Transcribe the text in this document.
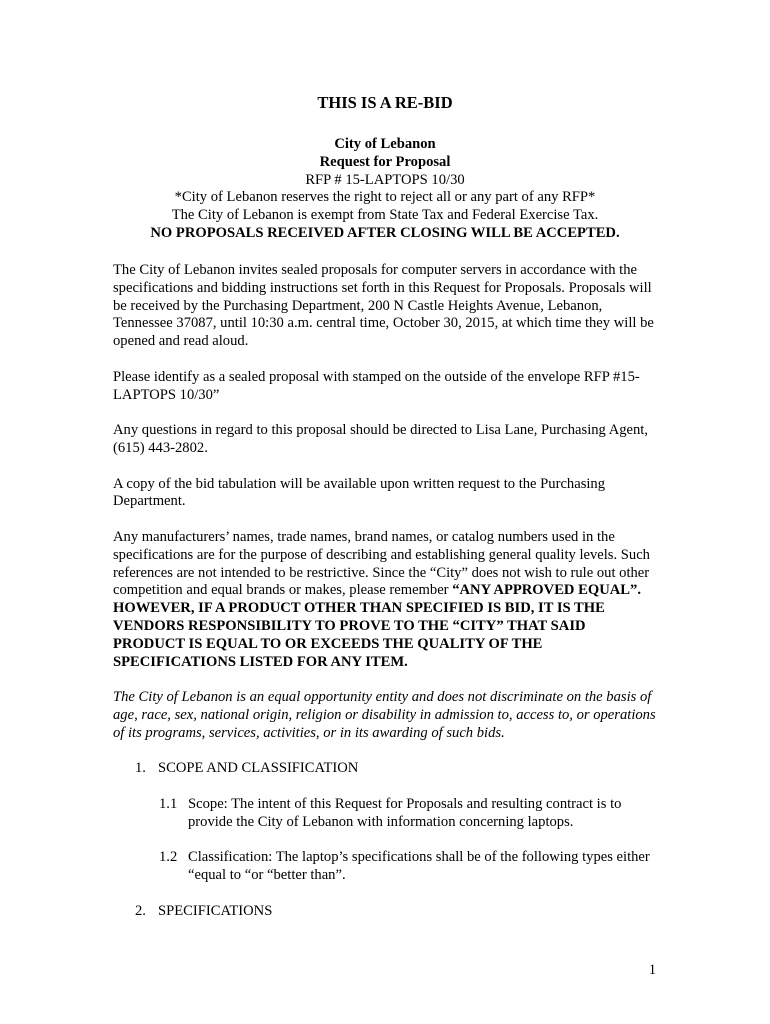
THIS IS A RE-BID
City of Lebanon
Request for Proposal
RFP # 15-LAPTOPS 10/30
*City of Lebanon reserves the right to reject all or any part of any RFP*
The City of Lebanon is exempt from State Tax and Federal Exercise Tax.
NO PROPOSALS RECEIVED AFTER CLOSING WILL BE ACCEPTED.

The City of Lebanon invites sealed proposals for computer servers in accordance with the specifications and bidding instructions set forth in this Request for Proposals. Proposals will be received by the Purchasing Department, 200 N Castle Heights Avenue, Lebanon, Tennessee 37087, until 10:30 a.m. central time, October 30, 2015, at which time they will be opened and read aloud.

Please identify as a sealed proposal with stamped on the outside of the envelope RFP #15-LAPTOPS 10/30”

Any questions in regard to this proposal should be directed to Lisa Lane, Purchasing Agent, (615) 443-2802.

A copy of the bid tabulation will be available upon written request to the Purchasing Department.

Any manufacturers’ names, trade names, brand names, or catalog numbers used in the specifications are for the purpose of describing and establishing general quality levels. Such references are not intended to be restrictive. Since the “City” does not wish to rule out other competition and equal brands or makes, please remember “ANY APPROVED EQUAL”. HOWEVER, IF A PRODUCT OTHER THAN SPECIFIED IS BID, IT IS THE VENDORS RESPONSIBILITY TO PROVE TO THE “CITY” THAT SAID PRODUCT IS EQUAL TO OR EXCEEDS THE QUALITY OF THE SPECIFICATIONS LISTED FOR ANY ITEM.

The City of Lebanon is an equal opportunity entity and does not discriminate on the basis of age, race, sex, national origin, religion or disability in admission to, access to, or operations of its programs, services, activities, or in its awarding of such bids.

1. SCOPE AND CLASSIFICATION
1.1 Scope: The intent of this Request for Proposals and resulting contract is to provide the City of Lebanon with information concerning laptops.
1.2 Classification: The laptop’s specifications shall be of the following types either “equal to “or “better than”.
2. SPECIFICATIONS
1
